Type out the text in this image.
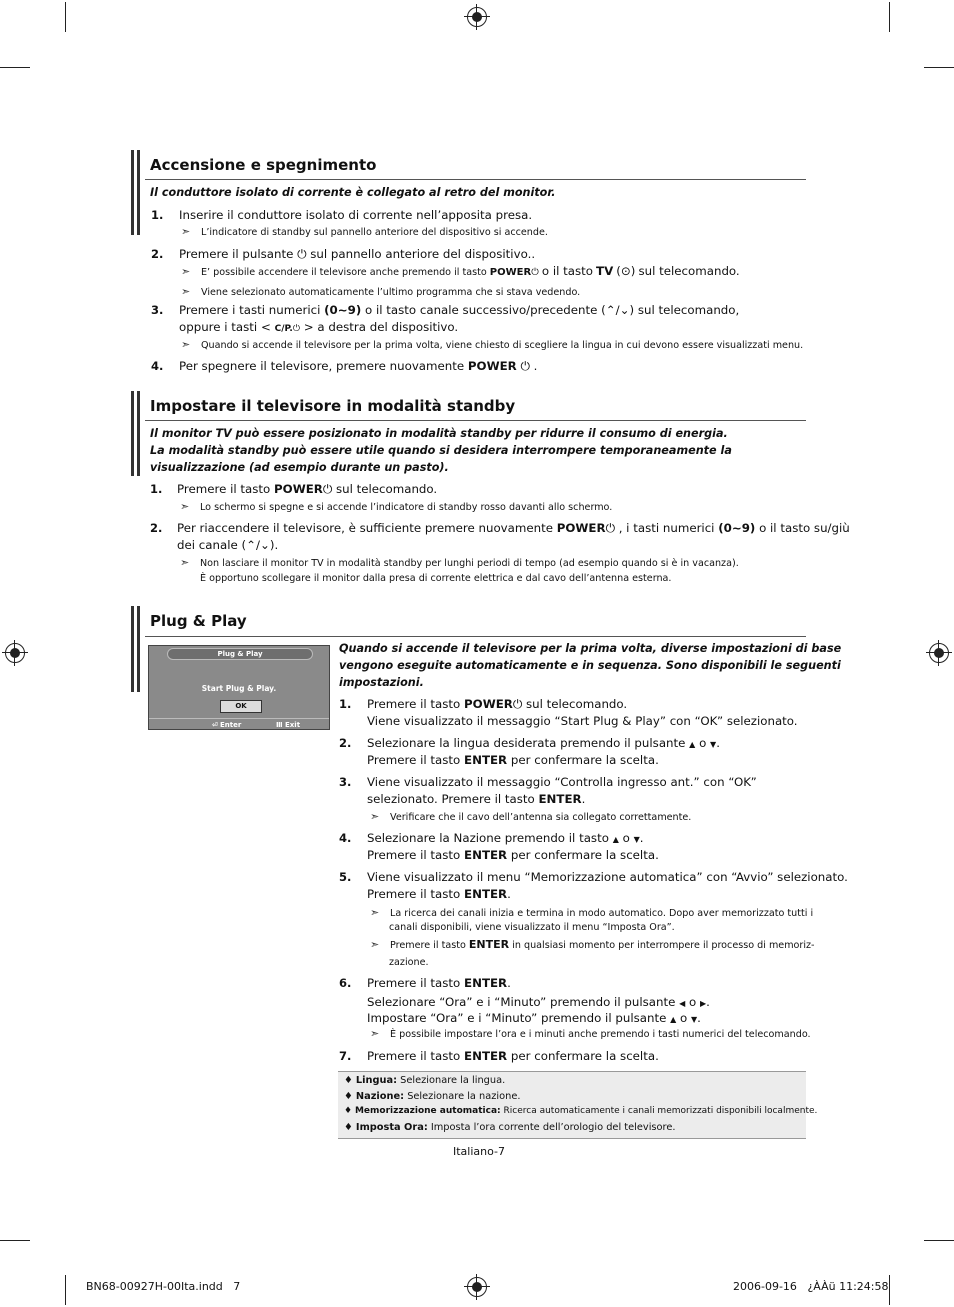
Accensione e spegnimento
Il conduttore isolato di corrente è collegato al retro del monitor.
1. Inserire il conduttore isolato di corrente nell’apposita presa.
➣ L’indicatore di standby sul pannello anteriore del dispositivo si accende.
2. Premere il pulsante ⏻ sul pannello anteriore del dispositivo..
➣ E’ possibile accendere il televisore anche premendo il tasto POWER⏻ o il tasto TV (⊙) sul telecomando.
➣ Viene selezionato automaticamente l’ultimo programma che si stava vedendo.
3. Premere i tasti numerici (0~9) o il tasto canale successivo/precedente (⌃/⌄) sul telecomando,
oppure i tasti < C/P.⏻ > a destra del dispositivo.
➣ Quando si accende il televisore per la prima volta, viene chiesto di scegliere la lingua in cui devono essere visualizzati menu.
4. Per spegnere il televisore, premere nuovamente POWER ⏻ .
Impostare il televisore in modalità standby
Il monitor TV può essere posizionato in modalità standby per ridurre il consumo di energia.
La modalità standby può essere utile quando si desidera interrompere temporaneamente la
visualizzazione (ad esempio durante un pasto).
1. Premere il tasto POWER⏻ sul telecomando.
➣ Lo schermo si spegne e si accende l’indicatore di standby rosso davanti allo schermo.
2. Per riaccendere il televisore, è sufficiente premere nuovamente POWER⏻ , i tasti numerici (0~9) o il tasto su/giù
dei canale (⌃/⌄).
➣ Non lasciare il monitor TV in modalità standby per lunghi periodi di tempo (ad esempio quando si è in vacanza).
È opportuno scollegare il monitor dalla presa di corrente elettrica e dal cavo dell’antenna esterna.
Plug & Play
Plug & Play
Start Plug & Play.
OK
⏎ Enter	Ⅲ Exit
Quando si accende il televisore per la prima volta, diverse impostazioni di base
vengono eseguite automaticamente e in sequenza. Sono disponibili le seguenti
impostazioni.
1. Premere il tasto POWER⏻ sul telecomando.
Viene visualizzato il messaggio “Start Plug & Play” con “OK” selezionato.
2. Selezionare la lingua desiderata premendo il pulsante ▲ o ▼.
Premere il tasto ENTER per confermare la scelta.
3. Viene visualizzato il messaggio “Controlla ingresso ant.” con “OK”
selezionato. Premere il tasto ENTER.
➣ Verificare che il cavo dell’antenna sia collegato correttamente.
4. Selezionare la Nazione premendo il tasto ▲ o ▼.
Premere il tasto ENTER per confermare la scelta.
5. Viene visualizzato il menu “Memorizzazione automatica” con “Avvio” selezionato.
Premere il tasto ENTER.
➣ La ricerca dei canali inizia e termina in modo automatico. Dopo aver memorizzato tutti i
canali disponibili, viene visualizzato il menu “Imposta Ora”.
➣ Premere il tasto ENTER in qualsiasi momento per interrompere il processo di memoriz-
zazione.
6. Premere il tasto ENTER.
Selezionare “Ora” e i “Minuto” premendo il pulsante ◀ o ▶.
Impostare “Ora” e i “Minuto” premendo il pulsante ▲ o ▼.
➣ È possibile impostare l’ora e i minuti anche premendo i tasti numerici del telecomando.
7. Premere il tasto ENTER per confermare la scelta.
♦ Lingua: Selezionare la lingua.
♦ Nazione: Selezionare la nazione.
♦ Memorizzazione automatica: Ricerca automaticamente i canali memorizzati disponibili localmente.
♦ Imposta Ora: Imposta l’ora corrente dell’orologio del televisore.
Italiano-7
BN68-00927H-00Ita.indd 7	2006-09-16 ¿ÀÀü 11:24:58
